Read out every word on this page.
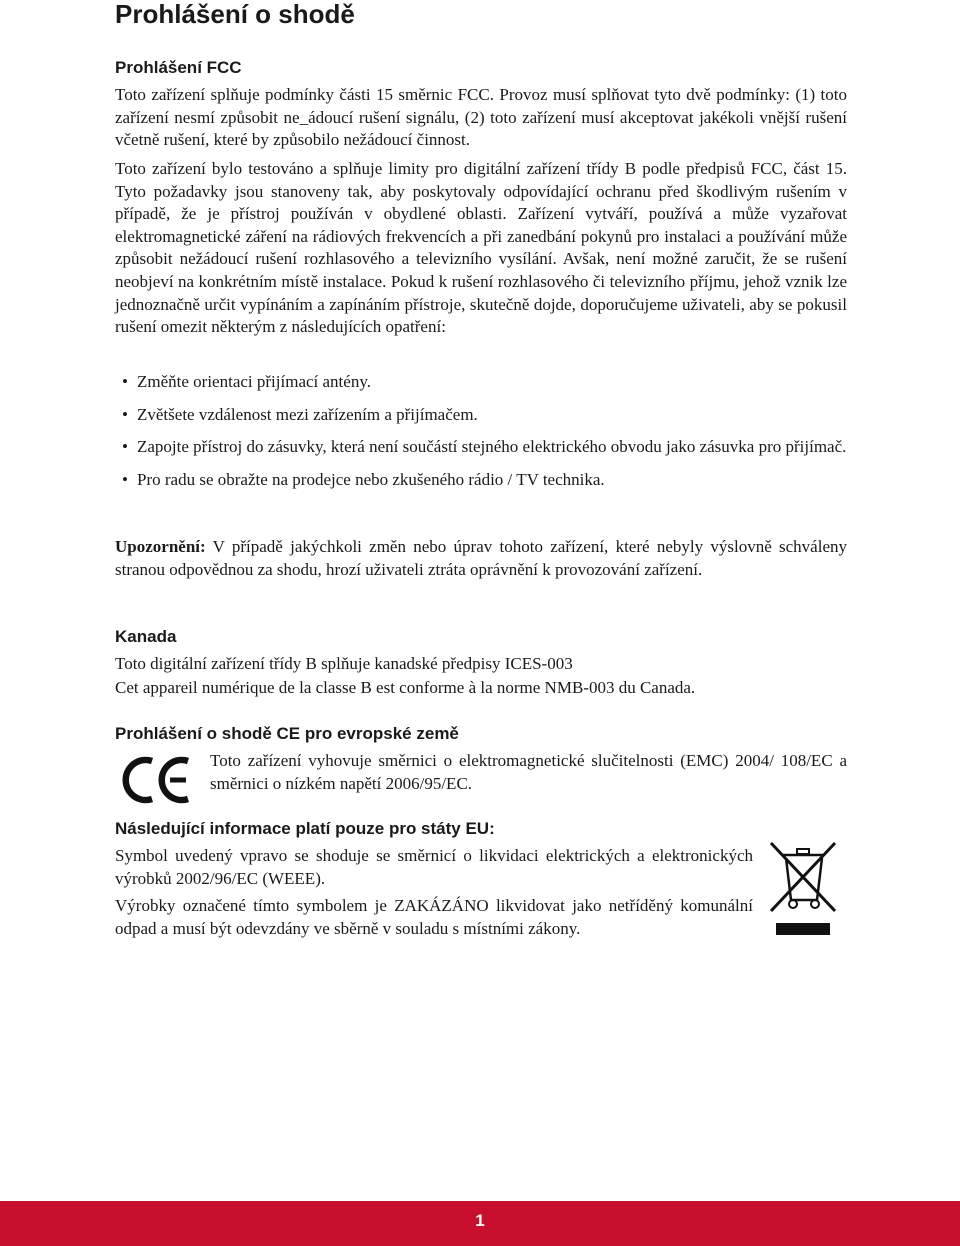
Prohlášení o shodě
Prohlášení FCC

Toto zařízení splňuje podmínky části 15 směrnic FCC. Provoz musí splňovat tyto dvě podmínky: (1) toto zařízení nesmí způsobit ne_ádoucí rušení signálu, (2) toto zařízení musí akceptovat jakékoli vnější rušení včetně rušení, které by způsobilo nežádoucí činnost.

Toto zařízení bylo testováno a splňuje limity pro digitální zařízení třídy B podle předpisů FCC, část 15. Tyto požadavky jsou stanoveny tak, aby poskytovaly odpovídající ochranu před škodlivým rušením v případě, že je přístroj používán v obydlené oblasti. Zařízení vytváří, používá a může vyzařovat elektromagnetické záření na rádiových frekvencích a při zanedbání pokynů pro instalaci a používání může způsobit nežádoucí rušení rozhlasového a televizního vysílání. Avšak, není možné zaručit, že se rušení neobjeví na konkrétním místě instalace. Pokud k rušení rozhlasového či televizního příjmu, jehož vznik lze jednoznačně určit vypínáním a zapínáním přístroje, skutečně dojde, doporučujeme uživateli, aby se pokusil rušení omezit některým z následujících opatření:

• Změňte orientaci přijímací antény.
• Zvětšete vzdálenost mezi zařízením a přijímačem.
• Zapojte přístroj do zásuvky, která není součástí stejného elektrického obvodu jako zásuvka pro přijímač.
• Pro radu se obražte na prodejce nebo zkušeného rádio / TV technika.

Upozornění: V případě jakýchkoli změn nebo úprav tohoto zařízení, které nebyly výslovně schváleny stranou odpovědnou za shodu, hrozí uživateli ztráta oprávnění k provozování zařízení.

Kanada

Toto digitální zařízení třídy B splňuje kanadské předpisy ICES-003

Cet appareil numérique de la classe B est conforme à la norme NMB-003 du Canada.

Prohlášení o shodě CE pro evropské země

Toto zařízení vyhovuje směrnici o elektromagnetické slučitelnosti (EMC) 2004/ 108/EC a směrnici o nízkém napětí 2006/95/EC.

Následující informace platí pouze pro státy EU:

Symbol uvedený vpravo se shoduje se směrnicí o likvidaci elektrických a elektronických výrobků 2002/96/EC (WEEE).

Výrobky označené tímto symbolem je ZAKÁZÁNO likvidovat jako netříděný komunální odpad a musí být odevzdány ve sběrně v souladu s místními zákony.

1
